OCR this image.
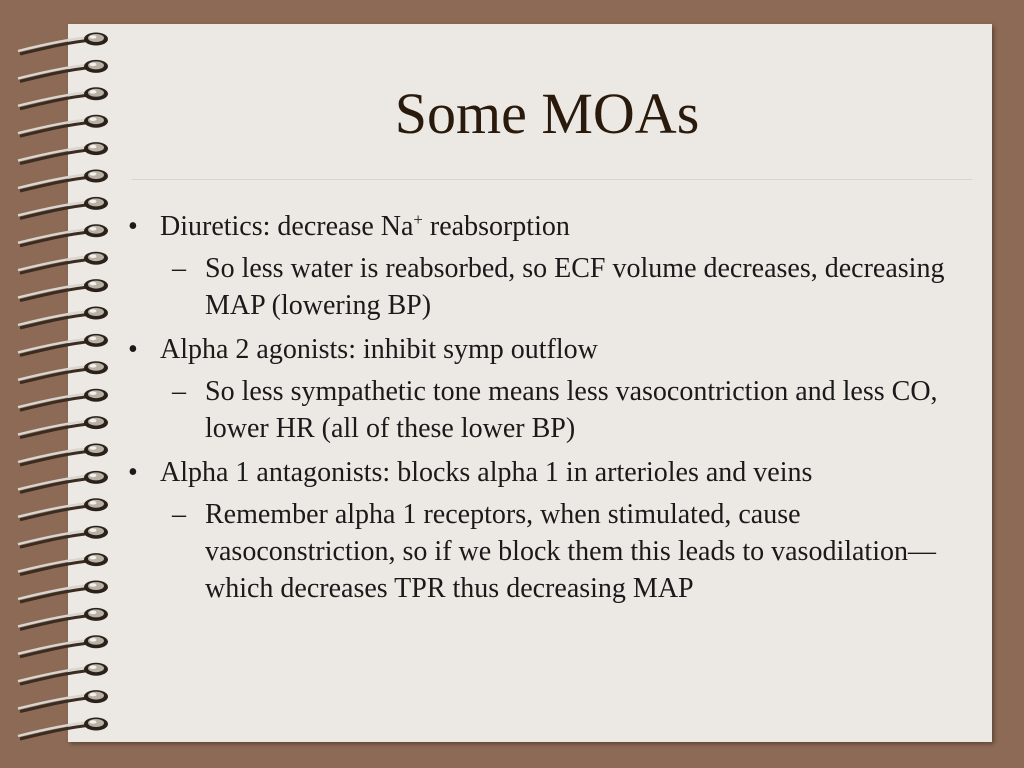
Some MOAs
• Diuretics: decrease Na+ reabsorption
– So less water is reabsorbed, so ECF volume decreases, decreasing MAP (lowering BP)
• Alpha 2 agonists: inhibit symp outflow
– So less sympathetic tone means less vasocontriction and less CO, lower HR (all of these lower BP)
• Alpha 1 antagonists: blocks alpha 1 in arterioles and veins
– Remember alpha 1 receptors, when stimulated, cause vasoconstriction, so if we block them this leads to vasodilation—which decreases TPR thus decreasing MAP
